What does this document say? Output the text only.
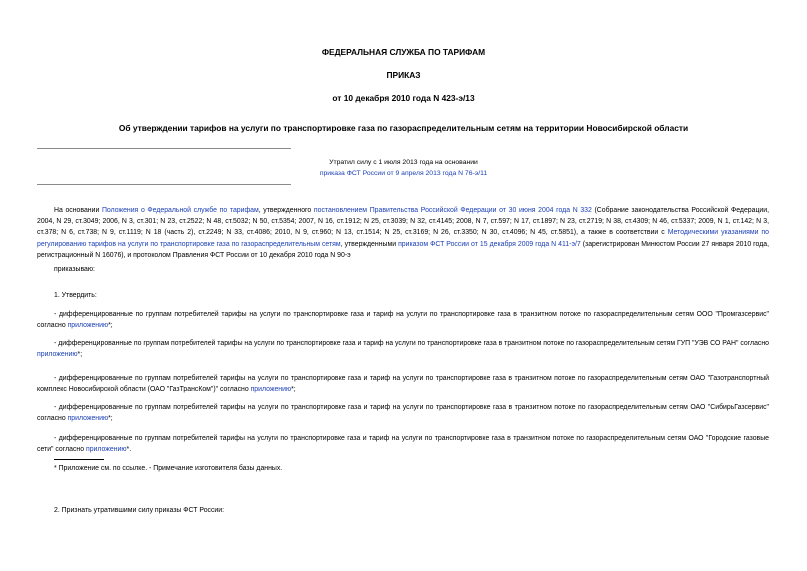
ФЕДЕРАЛЬНАЯ СЛУЖБА ПО ТАРИФАМ
ПРИКАЗ
от 10 декабря 2010 года N 423-э/13
Об утверждении тарифов на услуги по транспортировке газа по газораспределительным сетям на территории Новосибирской области
Утратил силу с 1 июля 2013 года на основании
приказа ФСТ России от 9 апреля 2013 года N 76-э/11
На основании Положения о Федеральной службе по тарифам, утвержденного постановлением Правительства Российской Федерации от 30 июня 2004 года N 332 (Собрание законодательства Российской Федерации, 2004, N 29, ст.3049; 2006, N 3, ст.301; N 23, ст.2522; N 48, ст.5032; N 50, ст.5354; 2007, N 16, ст.1912; N 25, ст.3039; N 32, ст.4145; 2008, N 7, ст.597; N 17, ст.1897; N 23, ст.2719; N 38, ст.4309; N 46, ст.5337; 2009, N 1, ст.142; N 3, ст.378; N 6, ст.738; N 9, ст.1119; N 18 (часть 2), ст.2249; N 33, ст.4086; 2010, N 9, ст.960; N 13, ст.1514; N 25, ст.3169; N 26, ст.3350; N 30, ст.4096; N 45, ст.5851), а также в соответствии с Методическими указаниями по регулированию тарифов на услуги по транспортировке газа по газораспределительным сетям, утвержденными приказом ФСТ России от 15 декабря 2009 года N 411-э/7 (зарегистрирован Минюстом России 27 января 2010 года, регистрационный N 16076), и протоколом Правления ФСТ России от 10 декабря 2010 года N 90-э
приказываю:
1. Утвердить:
- дифференцированные по группам потребителей тарифы на услуги по транспортировке газа и тариф на услуги по транспортировке газа в транзитном потоке по газораспределительным сетям ООО "Промгазсервис" согласно приложению*;
- дифференцированные по группам потребителей тарифы на услуги по транспортировке газа и тариф на услуги по транспортировке газа в транзитном потоке по газораспределительным сетям ГУП "УЭВ СО РАН" согласно приложению*;
- дифференцированные по группам потребителей тарифы на услуги по транспортировке газа и тариф на услуги по транспортировке газа в транзитном потоке по газораспределительным сетям ОАО "Газотранспортный комплекс Новосибирской области (ОАО "ГазТрансКом")" согласно приложению*;
- дифференцированные по группам потребителей тарифы на услуги по транспортировке газа и тариф на услуги по транспортировке газа в транзитном потоке по газораспределительным сетям ОАО "СибирьГазсервис" согласно приложению*;
- дифференцированные по группам потребителей тарифы на услуги по транспортировке газа и тариф на услуги по транспортировке газа в транзитном потоке по газораспределительным сетям ОАО "Городские газовые сети" согласно приложению*.
* Приложение см. по ссылке. - Примечание изготовителя базы данных.
2. Признать утратившими силу приказы ФСТ России:
